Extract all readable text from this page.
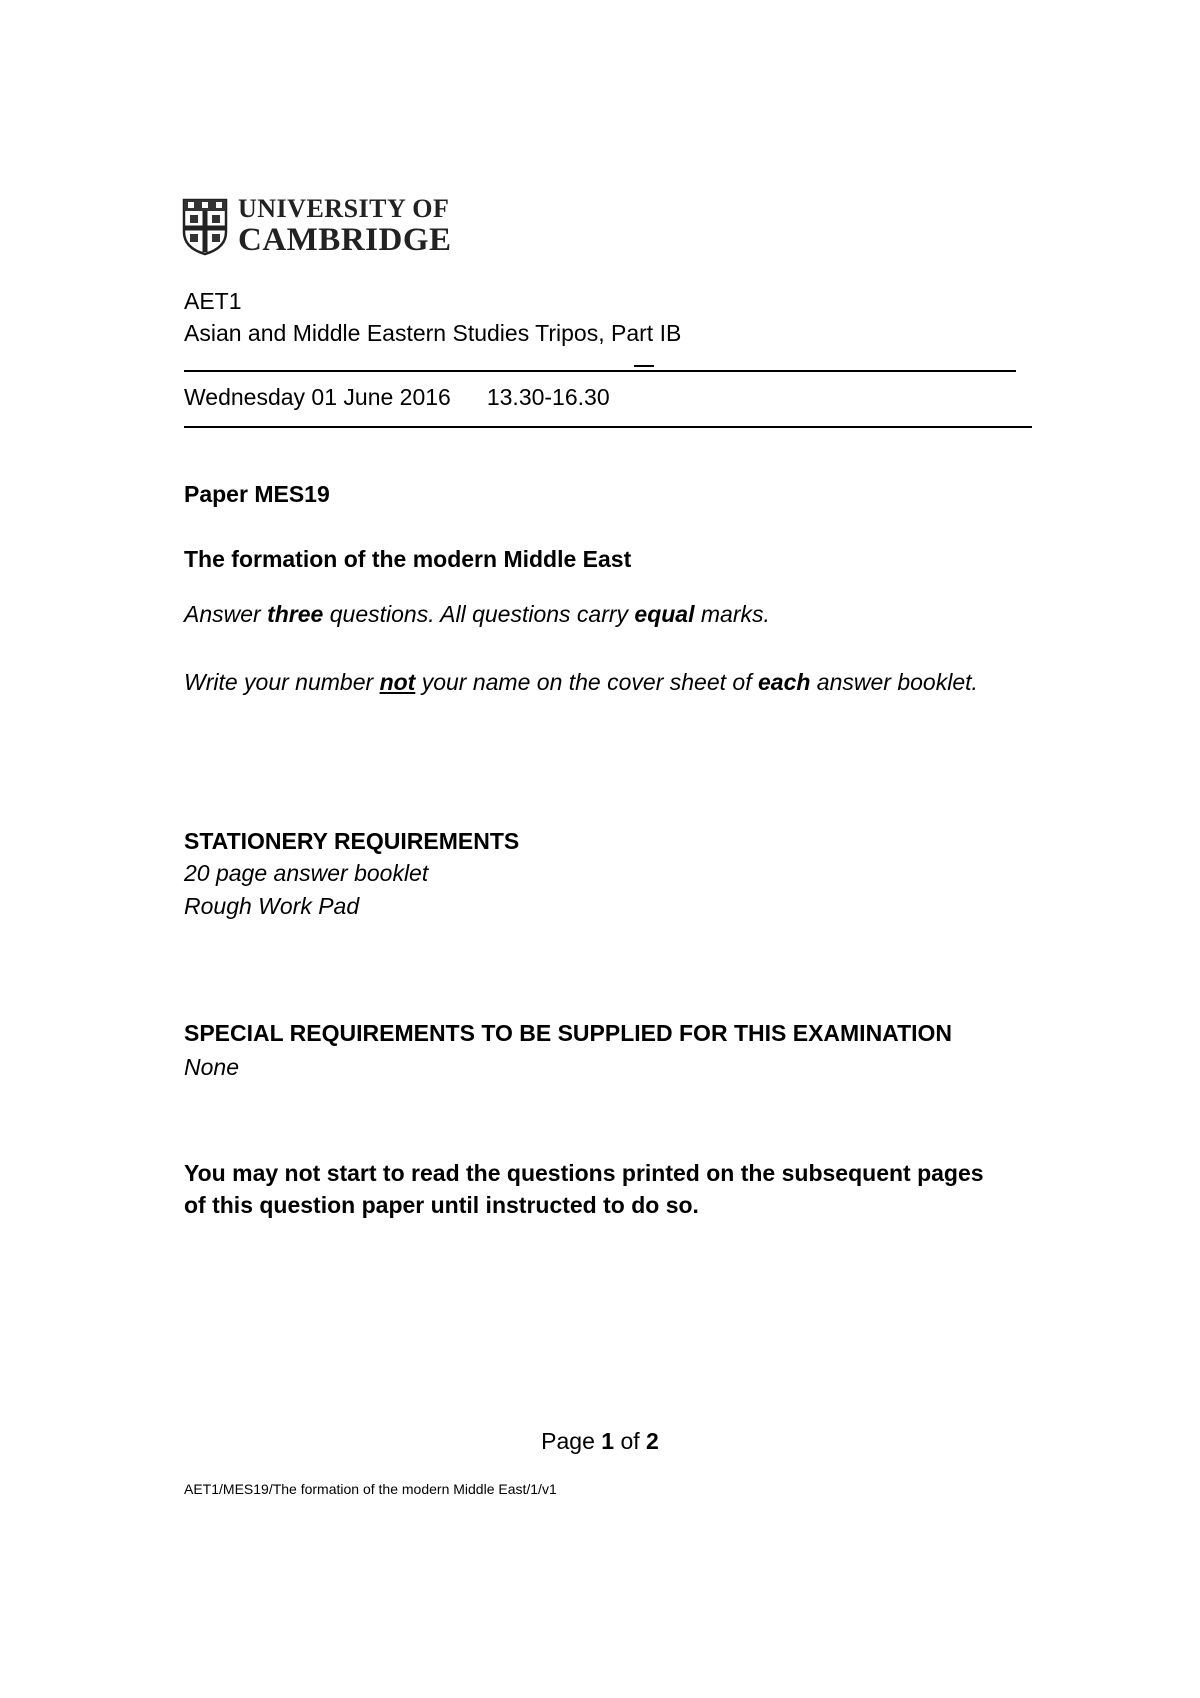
UNIVERSITY OF
CAMBRIDGE
AET1
Asian and Middle Eastern Studies Tripos, Part IB
Wednesday 01 June 2016 13.30-16.30
Paper MES19
The formation of the modern Middle East
Answer three questions. All questions carry equal marks.
Write your number not your name on the cover sheet of each answer booklet.
STATIONERY REQUIREMENTS
20 page answer booklet
Rough Work Pad
SPECIAL REQUIREMENTS TO BE SUPPLIED FOR THIS EXAMINATION
None
You may not start to read the questions printed on the subsequent pages of this question paper until instructed to do so.
Page 1 of 2
AET1/MES19/The formation of the modern Middle East/1/v1
